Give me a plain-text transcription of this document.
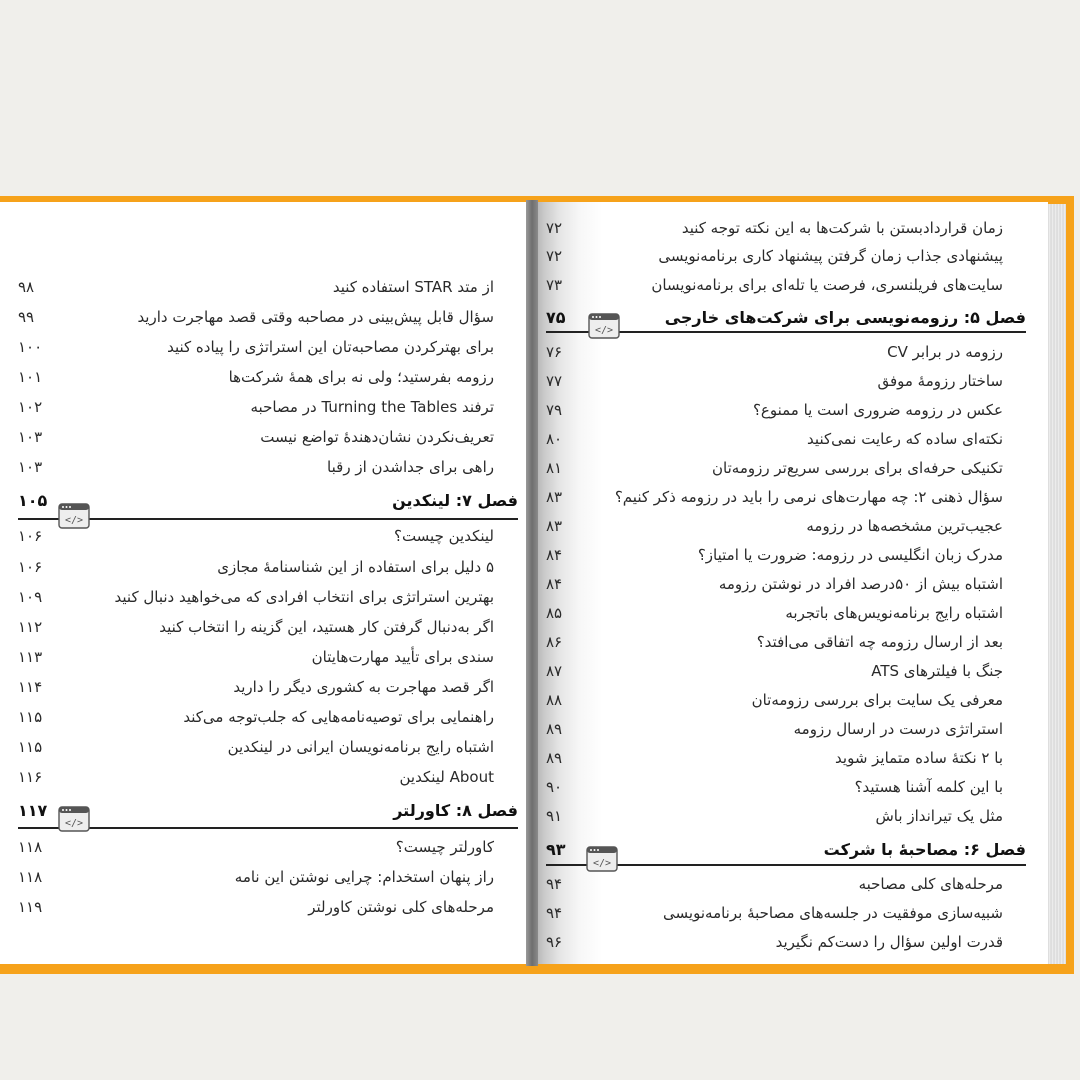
از متد STAR استفاده کنید
۹۸
سؤال قابل پیش‌بینی در مصاحبه وقتی قصد مهاجرت دارید
۹۹
برای بهترکردن مصاحبه‌تان این استراتژی را پیاده کنید
۱۰۰
رزومه بفرستید؛ ولی نه برای همهٔ شرکت‌ها
۱۰۱
ترفند Turning the Tables در مصاحبه
۱۰۲
تعریف‌نکردن نشان‌دهندهٔ تواضع نیست
۱۰۳
راهی برای جداشدن از رقبا
۱۰۳
فصل ۷: لینکدین
۱۰۵
</>
لینکدین چیست؟
۱۰۶
۵ دلیل برای استفاده از این شناسنامهٔ مجازی
۱۰۶
بهترین استراتژی برای انتخاب افرادی که می‌خواهید دنبال کنید
۱۰۹
اگر به‌دنبال گرفتن کار هستید، این گزینه را انتخاب کنید
۱۱۲
سندی برای تأیید مهارت‌هایتان
۱۱۳
اگر قصد مهاجرت به کشوری دیگر را دارید
۱۱۴
راهنمایی برای توصیه‌نامه‌هایی که جلب‌توجه می‌کند
۱۱۵
اشتباه رایج برنامه‌نویسان ایرانی در لینکدین
۱۱۵
About لینکدین
۱۱۶
فصل ۸: کاورلتر
۱۱۷
</>
کاورلتر چیست؟
۱۱۸
راز پنهان استخدام: چرایی نوشتن این نامه
۱۱۸
مرحله‌های کلی نوشتن کاورلتر
۱۱۹
زمان قراردادبستن با شرکت‌ها به این نکته توجه کنید
۷۲
پیشنهادی جذاب زمان گرفتن پیشنهاد کاری برنامه‌نویسی
۷۲
سایت‌های فریلنسری، فرصت یا تله‌ای برای برنامه‌نویسان
۷۳
فصل ۵: رزومه‌نویسی برای شرکت‌های خارجی
۷۵
</>
رزومه در برابر CV
۷۶
ساختار رزومهٔ موفق
۷۷
عکس در رزومه ضروری است یا ممنوع؟
۷۹
نکته‌ای ساده که رعایت نمی‌کنید
۸۰
تکنیکی حرفه‌ای برای بررسی سریع‌تر رزومه‌تان
۸۱
سؤال ذهنی ۲: چه مهارت‌های نرمی را باید در رزومه ذکر کنیم؟
۸۳
عجیب‌ترین مشخصه‌ها در رزومه
۸۳
مدرک زبان انگلیسی در رزومه: ضرورت یا امتیاز؟
۸۴
اشتباه بیش از ۵۰درصد افراد در نوشتن رزومه
۸۴
اشتباه رایج برنامه‌نویس‌های باتجربه
۸۵
بعد از ارسال رزومه چه اتفاقی می‌افتد؟
۸۶
جنگ با فیلترهای ATS
۸۷
معرفی یک سایت برای بررسی رزومه‌تان
۸۸
استراتژی درست در ارسال رزومه
۸۹
با ۲ نکتهٔ ساده متمایز شوید
۸۹
با این کلمه آشنا هستید؟
۹۰
مثل یک تیرانداز باش
۹۱
فصل ۶: مصاحبهٔ با شرکت
۹۳
</>
مرحله‌های کلی مصاحبه
۹۴
شبیه‌سازی موفقیت در جلسه‌های مصاحبهٔ برنامه‌نویسی
۹۴
قدرت اولین سؤال را دست‌کم نگیرید
۹۶
